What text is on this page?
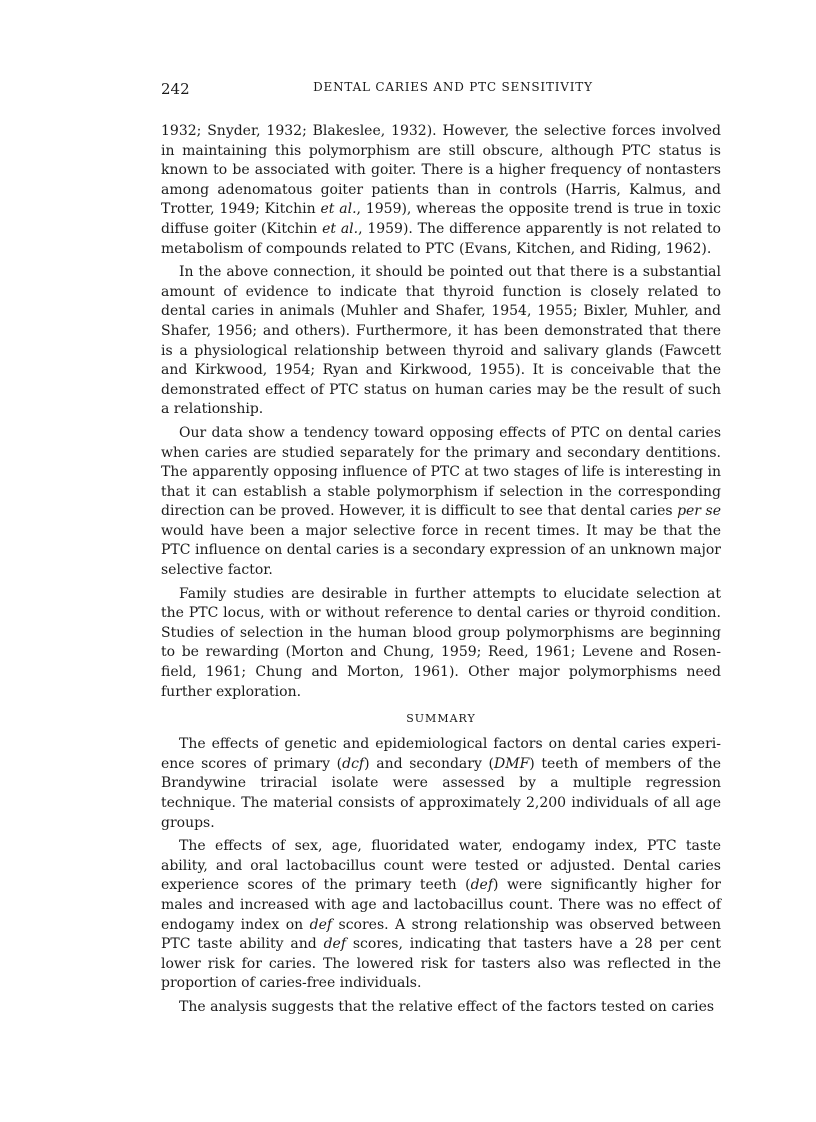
242	DENTAL CARIES AND PTC SENSITIVITY

1932; Snyder, 1932; Blakeslee, 1932). However, the selective forces involved in maintaining this polymorphism are still obscure, although PTC status is known to be associated with goiter. There is a higher frequency of nontasters among adenomatous goiter patients than in controls (Harris, Kalmus, and Trotter, 1949; Kitchin et al., 1959), whereas the opposite trend is true in toxic diffuse goiter (Kitchin et al., 1959). The difference apparently is not related to metabolism of compounds related to PTC (Evans, Kitchen, and Riding, 1962).

In the above connection, it should be pointed out that there is a substantial amount of evidence to indicate that thyroid function is closely related to dental caries in animals (Muhler and Shafer, 1954, 1955; Bixler, Muhler, and Shafer, 1956; and others). Furthermore, it has been demonstrated that there is a physiological relationship between thyroid and salivary glands (Fawcett and Kirkwood, 1954; Ryan and Kirkwood, 1955). It is conceivable that the demonstrated effect of PTC status on human caries may be the result of such a relationship.

Our data show a tendency toward opposing effects of PTC on dental caries when caries are studied separately for the primary and secondary dentitions. The apparently opposing influence of PTC at two stages of life is interesting in that it can establish a stable polymorphism if selection in the corresponding direction can be proved. However, it is difficult to see that dental caries per se would have been a major selective force in recent times. It may be that the PTC influence on dental caries is a secondary expression of an unknown major selective factor.

Family studies are desirable in further attempts to elucidate selection at the PTC locus, with or without reference to dental caries or thyroid condition. Studies of selection in the human blood group polymorphisms are beginning to be rewarding (Morton and Chung, 1959; Reed, 1961; Levene and Rosenfield, 1961; Chung and Morton, 1961). Other major polymorphisms need further exploration.

SUMMARY

The effects of genetic and epidemiological factors on dental caries experience scores of primary (dcf) and secondary (DMF) teeth of members of the Brandywine triracial isolate were assessed by a multiple regression technique. The material consists of approximately 2,200 individuals of all age groups.

The effects of sex, age, fluoridated water, endogamy index, PTC taste ability, and oral lactobacillus count were tested or adjusted. Dental caries experience scores of the primary teeth (def) were significantly higher for males and increased with age and lactobacillus count. There was no effect of endogamy index on def scores. A strong relationship was observed between PTC taste ability and def scores, indicating that tasters have a 28 per cent lower risk for caries. The lowered risk for tasters also was reflected in the proportion of caries-free individuals.

The analysis suggests that the relative effect of the factors tested on caries
